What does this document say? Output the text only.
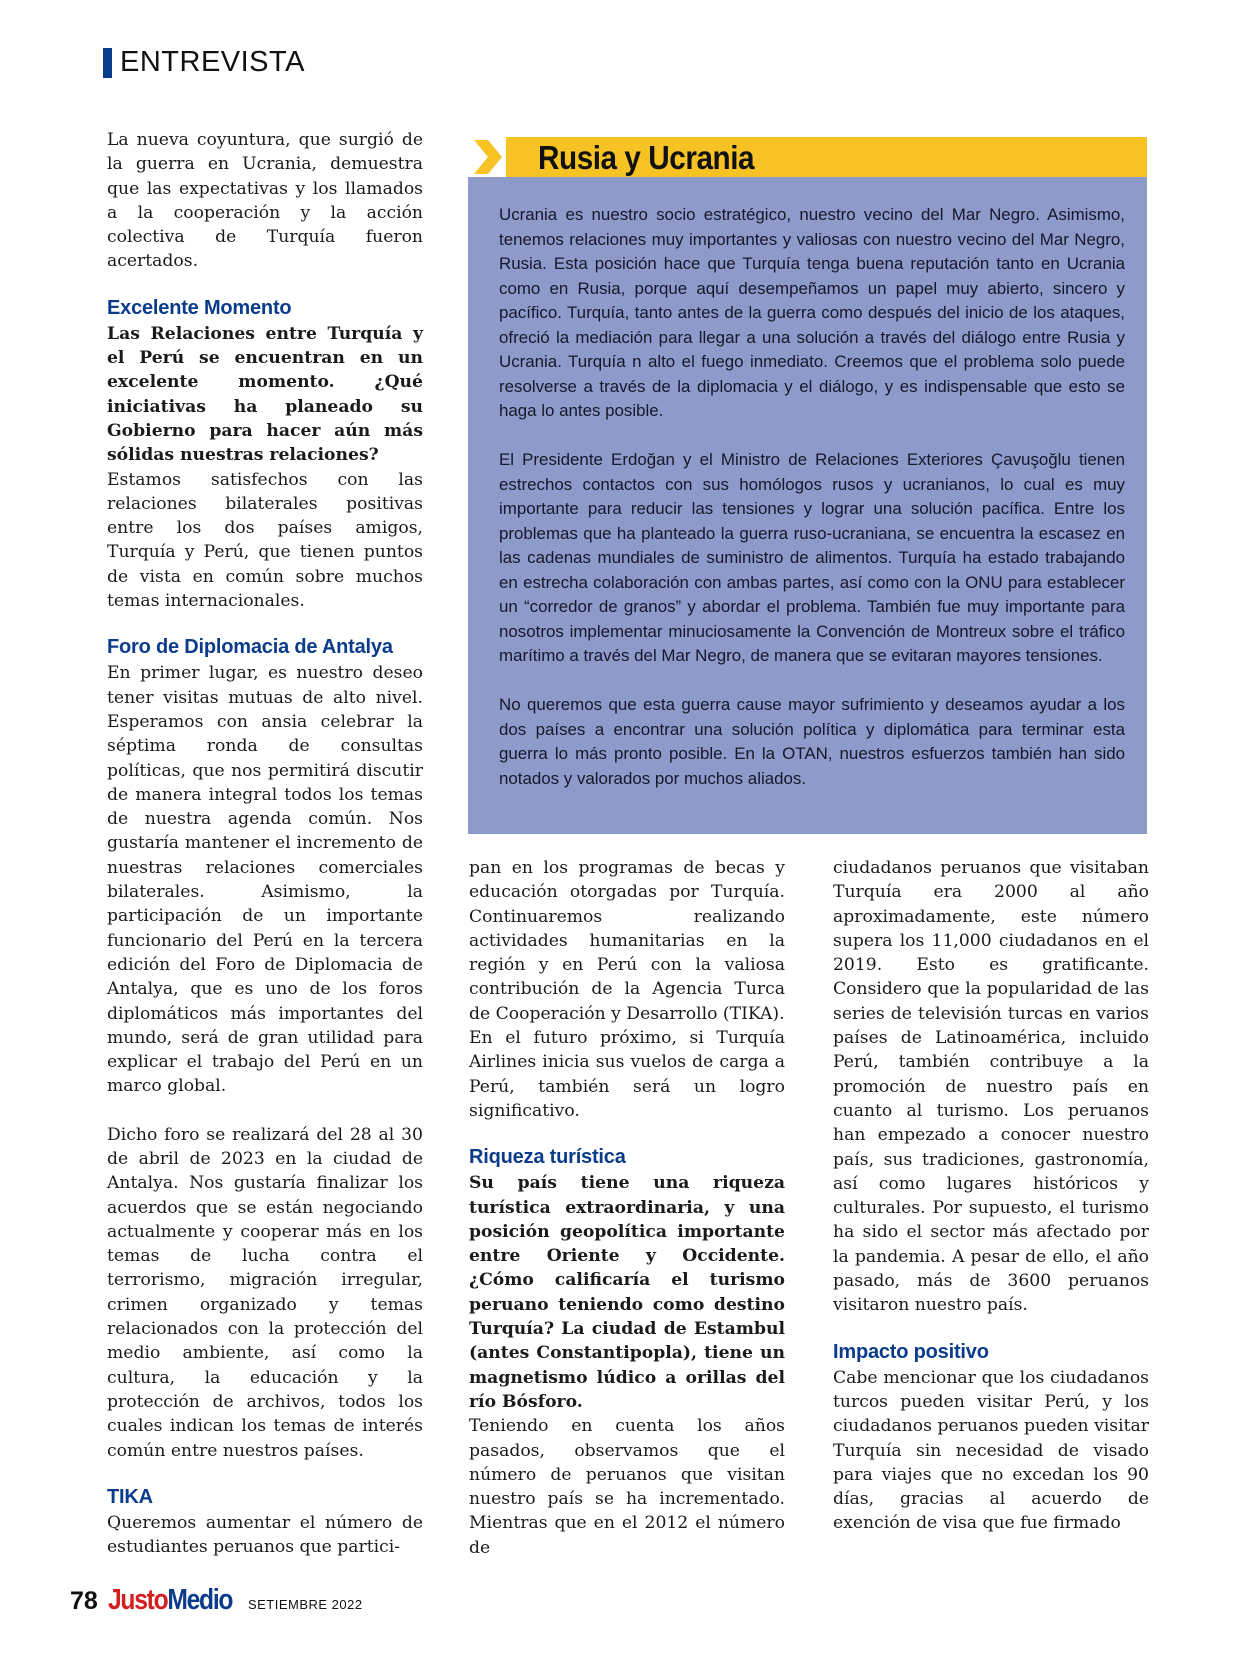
ENTREVISTA

La nueva coyuntura, que surgió de la guerra en Ucrania, demuestra que las expectativas y los llamados a la cooperación y la acción colectiva de Turquía fueron acertados.

Excelente Momento

Las Relaciones entre Turquía y el Perú se encuentran en un excelente momento. ¿Qué iniciativas ha planeado su Gobierno para hacer aún más sólidas nuestras relaciones?

Estamos satisfechos con las relaciones bilaterales positivas entre los dos países amigos, Turquía y Perú, que tienen puntos de vista en común sobre muchos temas internacionales.

Foro de Diplomacia de Antalya

En primer lugar, es nuestro deseo tener visitas mutuas de alto nivel. Esperamos con ansia celebrar la séptima ronda de consultas políticas, que nos permitirá discutir de manera integral todos los temas de nuestra agenda común. Nos gustaría mantener el incremento de nuestras relaciones comerciales bilaterales. Asimismo, la participación de un importante funcionario del Perú en la tercera edición del Foro de Diplomacia de Antalya, que es uno de los foros diplomáticos más importantes del mundo, será de gran utilidad para explicar el trabajo del Perú en un marco global.

Dicho foro se realizará del 28 al 30 de abril de 2023 en la ciudad de Antalya. Nos gustaría finalizar los acuerdos que se están negociando actualmente y cooperar más en los temas de lucha contra el terrorismo, migración irregular, crimen organizado y temas relacionados con la protección del medio ambiente, así como la cultura, la educación y la protección de archivos, todos los cuales indican los temas de interés común entre nuestros países.

TIKA

Queremos aumentar el número de estudiantes peruanos que partici-

Rusia y Ucrania

Ucrania es nuestro socio estratégico, nuestro vecino del Mar Negro. Asimismo, tenemos relaciones muy importantes y valiosas con nuestro vecino del Mar Negro, Rusia. Esta posición hace que Turquía tenga buena reputación tanto en Ucrania como en Rusia, porque aquí desempeñamos un papel muy abierto, sincero y pacífico. Turquía, tanto antes de la guerra como después del inicio de los ataques, ofreció la mediación para llegar a una solución a través del diálogo entre Rusia y Ucrania. Turquía n alto el fuego inmediato. Creemos que el problema solo puede resolverse a través de la diplomacia y el diálogo, y es indispensable que esto se haga lo antes posible.

El Presidente Erdoğan y el Ministro de Relaciones Exteriores Çavuşoğlu tienen estrechos contactos con sus homólogos rusos y ucranianos, lo cual es muy importante para reducir las tensiones y lograr una solución pacífica. Entre los problemas que ha planteado la guerra ruso-ucraniana, se encuentra la escasez en las cadenas mundiales de suministro de alimentos. Turquía ha estado trabajando en estrecha colaboración con ambas partes, así como con la ONU para establecer un “corredor de granos” y abordar el problema. También fue muy importante para nosotros implementar minuciosamente la Convención de Montreux sobre el tráfico marítimo a través del Mar Negro, de manera que se evitaran mayores tensiones.

No queremos que esta guerra cause mayor sufrimiento y deseamos ayudar a los dos países a encontrar una solución política y diplomática para terminar esta guerra lo más pronto posible. En la OTAN, nuestros esfuerzos también han sido notados y valorados por muchos aliados.

pan en los programas de becas y educación otorgadas por Turquía. Continuaremos realizando actividades humanitarias en la región y en Perú con la valiosa contribución de la Agencia Turca de Cooperación y Desarrollo (TIKA).

En el futuro próximo, si Turquía Airlines inicia sus vuelos de carga a Perú, también será un logro significativo.

Riqueza turística

Su país tiene una riqueza turística extraordinaria, y una posición geopolítica importante entre Oriente y Occidente. ¿Cómo calificaría el turismo peruano teniendo como destino Turquía? La ciudad de Estambul (antes Constantipopla), tiene un magnetismo lúdico a orillas del río Bósforo.

Teniendo en cuenta los años pasados, observamos que el número de peruanos que visitan nuestro país se ha incrementado. Mientras que en el 2012 el número de

ciudadanos peruanos que visitaban Turquía era 2000 al año aproximadamente, este número supera los 11,000 ciudadanos en el 2019. Esto es gratificante. Considero que la popularidad de las series de televisión turcas en varios países de Latinoamérica, incluido Perú, también contribuye a la promoción de nuestro país en cuanto al turismo. Los peruanos han empezado a conocer nuestro país, sus tradiciones, gastronomía, así como lugares históricos y culturales. Por supuesto, el turismo ha sido el sector más afectado por la pandemia. A pesar de ello, el año pasado, más de 3600 peruanos visitaron nuestro país.

Impacto positivo

Cabe mencionar que los ciudadanos turcos pueden visitar Perú, y los ciudadanos peruanos pueden visitar Turquía sin necesidad de visado para viajes que no excedan los 90 días, gracias al acuerdo de exención de visa que fue firmado

78 JustoMedio SETIEMBRE 2022
